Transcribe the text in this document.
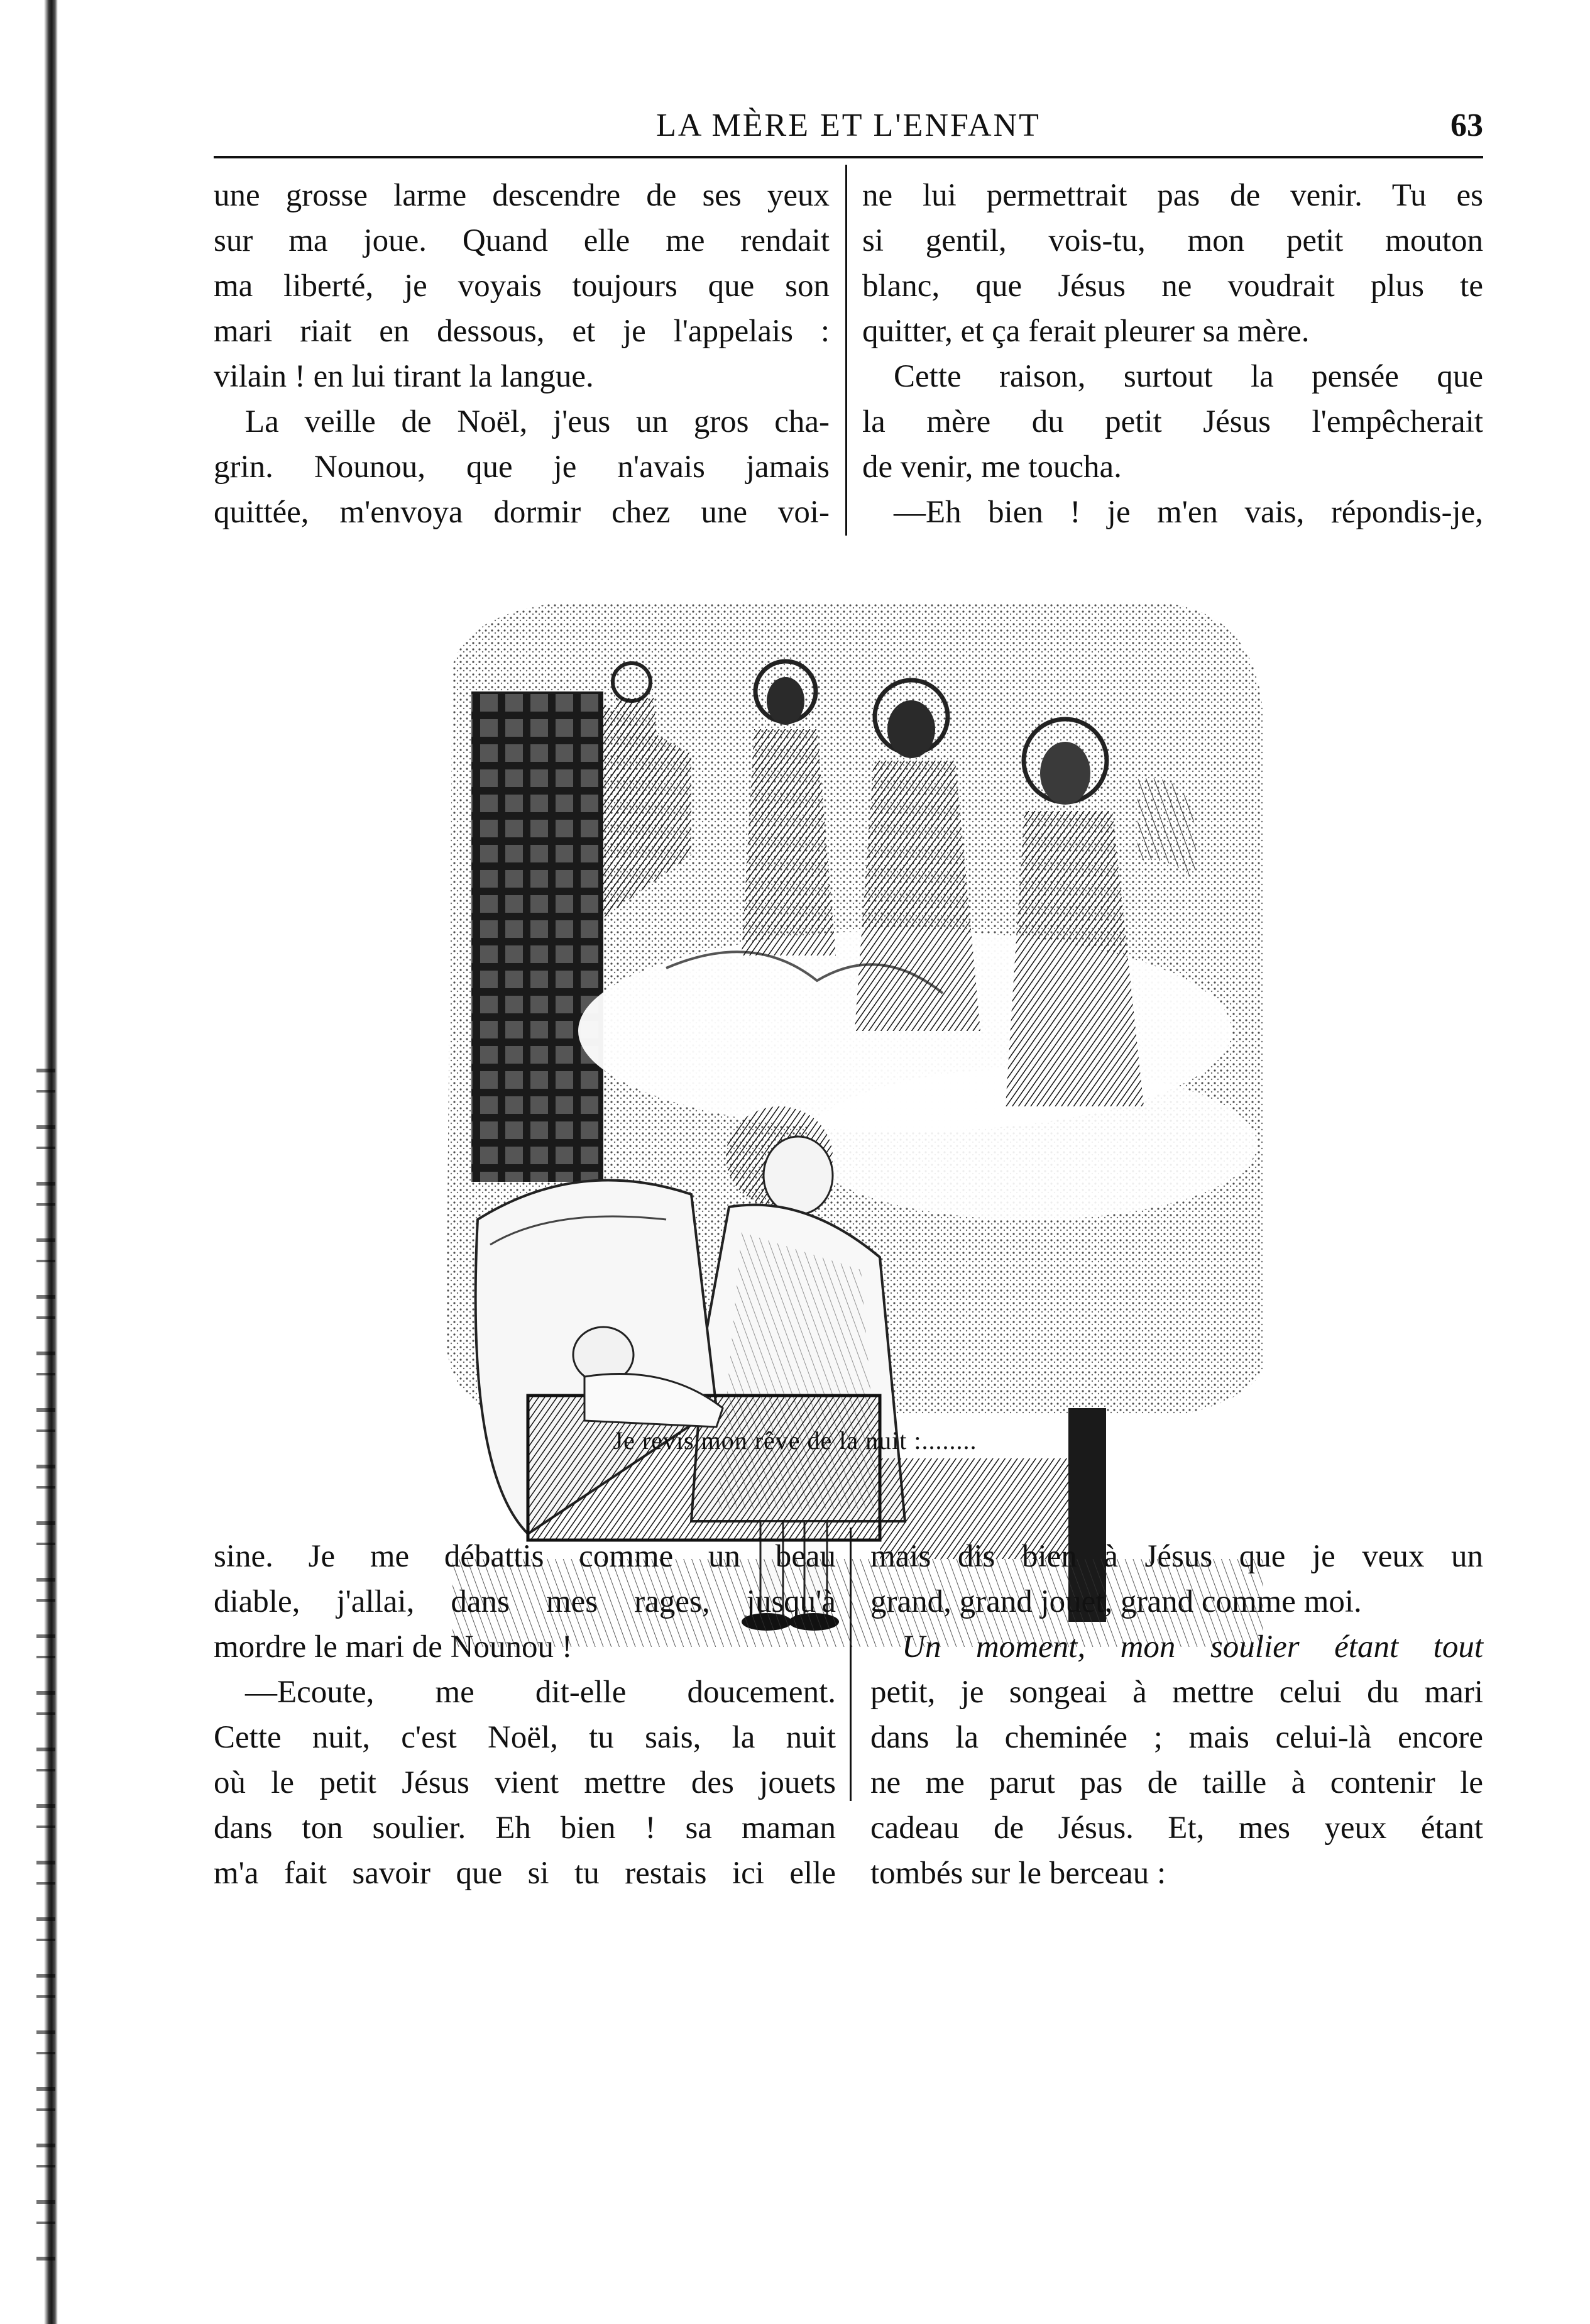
LA MÈRE ET L'ENFANT	63
une grosse larme descendre de ses yeux
sur ma joue. Quand elle me rendait
ma liberté, je voyais toujours que son
mari riait en dessous, et je l'appelais :
vilain ! en lui tirant la langue.
La veille de Noël, j'eus un gros cha-
grin. Nounou, que je n'avais jamais
quittée, m'envoya dormir chez une voi-
ne lui permettrait pas de venir. Tu es
si gentil, vois-tu, mon petit mouton
blanc, que Jésus ne voudrait plus te
quitter, et ça ferait pleurer sa mère.
Cette raison, surtout la pensée que
la mère du petit Jésus l'empêcherait
de venir, me toucha.
—Eh bien ! je m'en vais, répondis-je,
Je revis mon rêve de la nuit :........
sine. Je me débattis comme un beau
diable, j'allai, dans mes rages, jusqu'à
mordre le mari de Nounou !
—Ecoute, me dit-elle doucement.
Cette nuit, c'est Noël, tu sais, la nuit
où le petit Jésus vient mettre des jouets
dans ton soulier. Eh bien ! sa maman
m'a fait savoir que si tu restais ici elle
mais dis bien à Jésus que je veux un
grand, grand jouet, grand comme moi.
Un moment, mon soulier étant tout
petit, je songeai à mettre celui du mari
dans la cheminée ; mais celui-là encore
ne me parut pas de taille à contenir le
cadeau de Jésus. Et, mes yeux étant
tombés sur le berceau :
